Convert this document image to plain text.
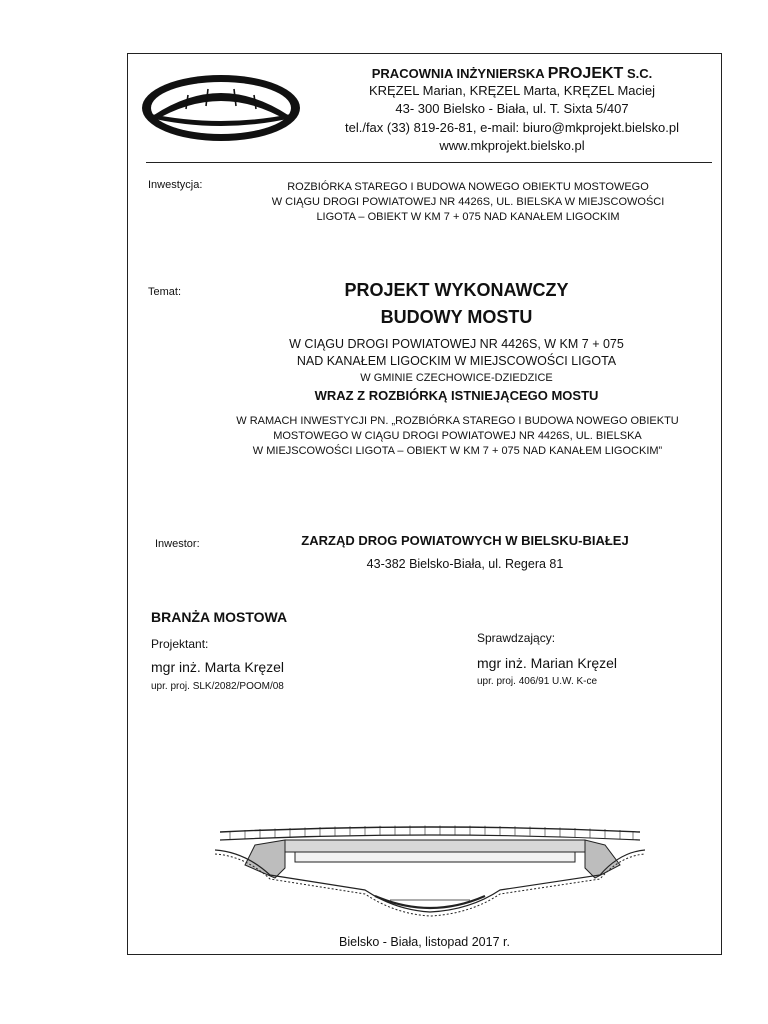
PRACOWNIA INŻYNIERSKA PROJEKT S.C.
KRĘZEL Marian, KRĘZEL Marta, KRĘZEL Maciej
43- 300 Bielsko - Biała, ul. T. Sixta 5/407
tel./fax (33) 819-26-81, e-mail: biuro@mkprojekt.bielsko.pl
www.mkprojekt.bielsko.pl
Inwestycja:	ROZBIÓRKA STAREGO I BUDOWA NOWEGO OBIEKTU MOSTOWEGO
W CIĄGU DROGI POWIATOWEJ NR 4426S, UL. BIELSKA W MIEJSCOWOŚCI
LIGOTA – OBIEKT W KM 7 + 075 NAD KANAŁEM LIGOCKIM
Temat:	PROJEKT WYKONAWCZY
BUDOWY MOSTU
W CIĄGU DROGI POWIATOWEJ NR 4426S, W KM 7 + 075
NAD KANAŁEM LIGOCKIM W MIEJSCOWOŚCI LIGOTA
W GMINIE CZECHOWICE-DZIEDZICE
WRAZ Z ROZBIÓRKĄ ISTNIEJĄCEGO MOSTU
W RAMACH INWESTYCJI PN. „ROZBIÓRKA STAREGO I BUDOWA NOWEGO OBIEKTU
MOSTOWEGO W CIĄGU DROGI POWIATOWEJ NR 4426S, UL. BIELSKA
W MIEJSCOWOŚCI LIGOTA – OBIEKT W KM 7 + 075 NAD KANAŁEM LIGOCKIM”
Inwestor:	ZARZĄD DROG POWIATOWYCH W BIELSKU-BIAŁEJ
43-382 Bielsko-Biała, ul. Regera 81
BRANŻA MOSTOWA
Projektant:
mgr inż. Marta Kręzel
upr. proj. SLK/2082/POOM/08
Sprawdzający:
mgr inż. Marian Kręzel
upr. proj. 406/91 U.W. K-ce
Bielsko - Biała, listopad 2017 r.
